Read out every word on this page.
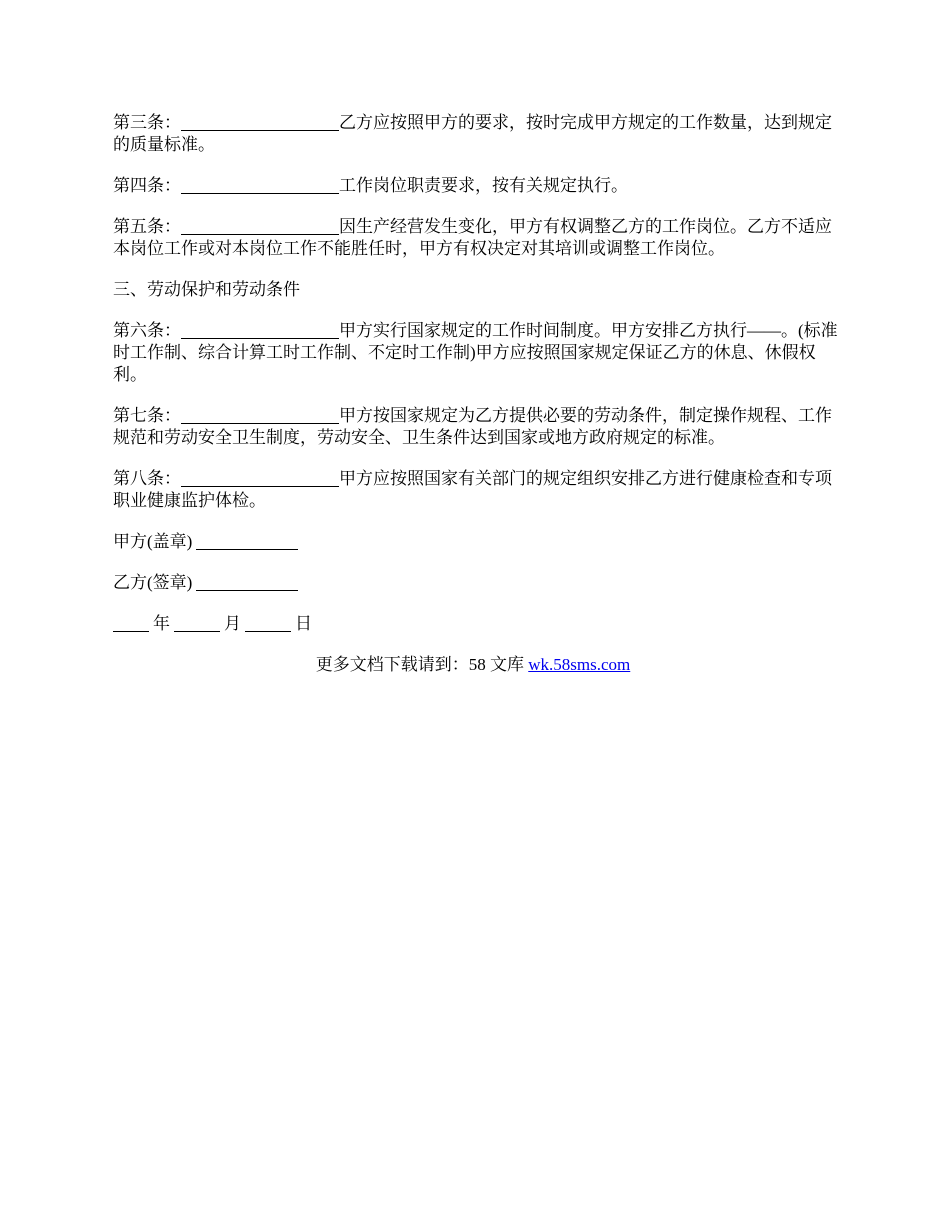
第三条：	乙方应按照甲方的要求，按时完成甲方规定的工作数量，达到规定的质量标准。

第四条：	工作岗位职责要求，按有关规定执行。

第五条：	因生产经营发生变化，甲方有权调整乙方的工作岗位。乙方不适应本岗位工作或对本岗位工作不能胜任时，甲方有权决定对其培训或调整工作岗位。

三、劳动保护和劳动条件

第六条：	甲方实行国家规定的工作时间制度。甲方安排乙方执行——。(标准时工作制、综合计算工时工作制、不定时工作制)甲方应按照国家规定保证乙方的休息、休假权利。

第七条：	甲方按国家规定为乙方提供必要的劳动条件，制定操作规程、工作规范和劳动安全卫生制度，劳动安全、卫生条件达到国家或地方政府规定的标准。

第八条：	甲方应按照国家有关部门的规定组织安排乙方进行健康检查和专项职业健康监护体检。

甲方(盖章)

乙方(签章)

年	月	日

更多文档下载请到：58 文库 wk.58sms.com
